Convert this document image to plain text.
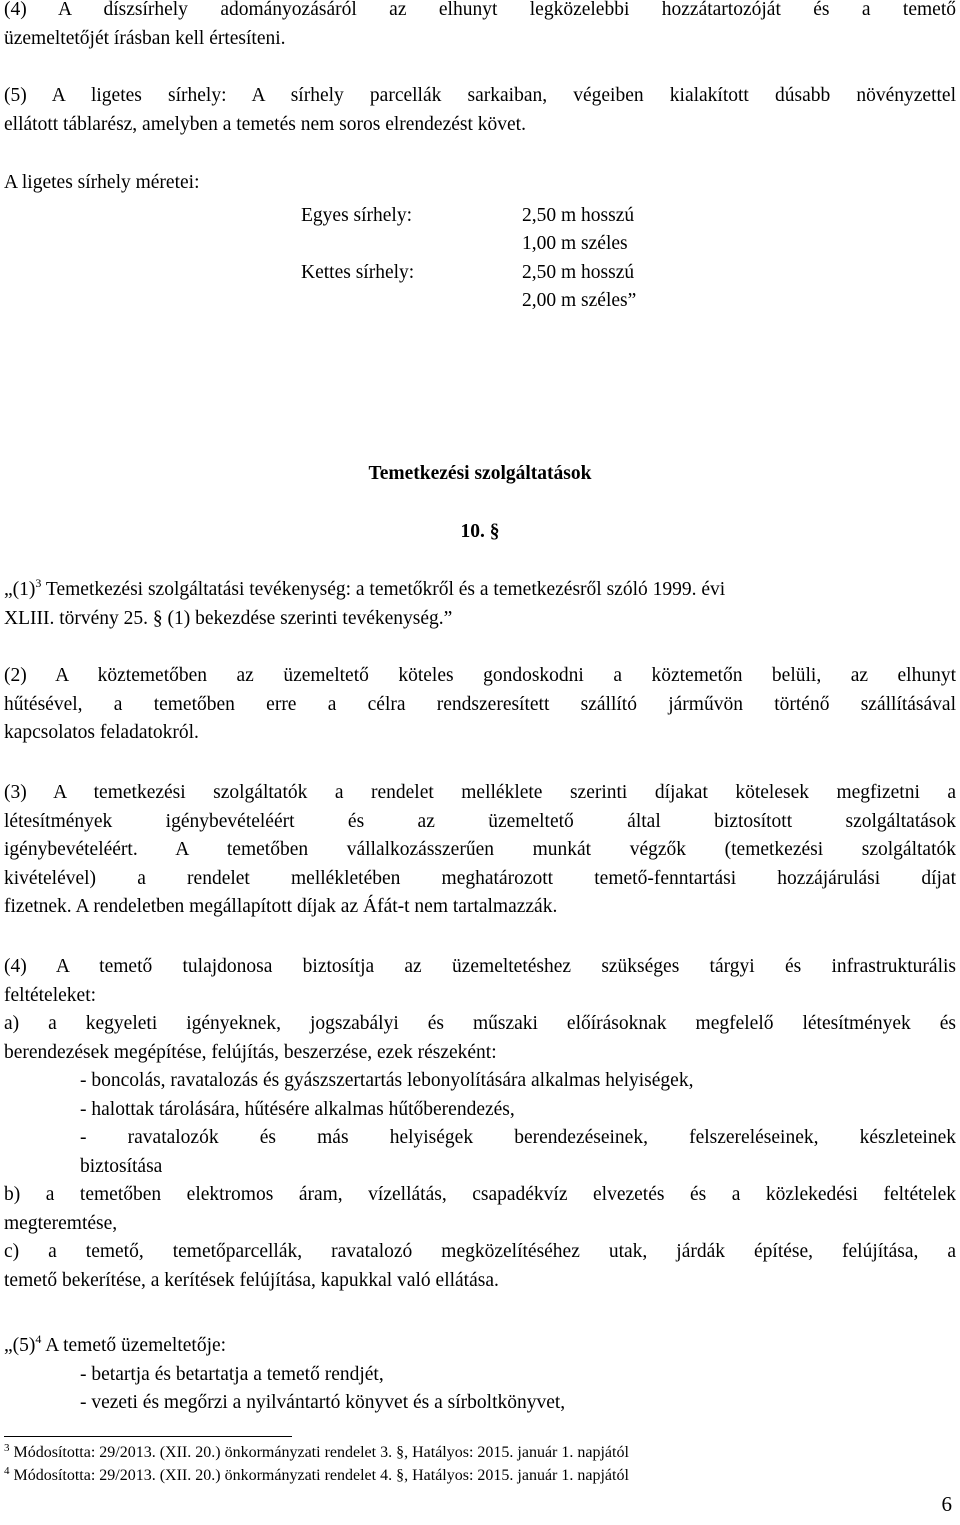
(4) A díszsírhely adományozásáról az elhunyt legközelebbi hozzátartozóját és a temető

üzemeltetőjét írásban kell értesíteni.

(5) A ligetes sírhely: A sírhely parcellák sarkaiban, végeiben kialakított dúsabb növényzettel

ellátott táblarész, amelyben a temetés nem soros elrendezést követ.

A ligetes sírhely méretei:

Egyes sírhely:	2,50 m hosszú
1,00 m széles
Kettes sírhely:	2,50 m hosszú
2,00 m széles”

Temetkezési szolgáltatások

10. §

$„(1)^3$ Temetkezési szolgáltatási tevékenység: a temetőkről és a temetkezésről szóló 1999. évi

XLIII. törvény 25. § (1) bekezdése szerinti tevékenység.”

(2) A köztemetőben az üzemeltető köteles gondoskodni a köztemetőn belüli, az elhunyt

hűtésével, a temetőben erre a célra rendszeresített szállító járművön történő szállításával

kapcsolatos feladatokról.

(3) A temetkezési szolgáltatók a rendelet melléklete szerinti díjakat kötelesek megfizetni a

létesítmények igénybevételéért és az üzemeltető által biztosított szolgáltatások

igénybevételéért. A temetőben vállalkozásszerűen munkát végzők (temetkezési szolgáltatók

kivételével) a rendelet mellékletében meghatározott temető-fenntartási hozzájárulási díjat

fizetnek. A rendeletben megállapított díjak az Áfát-t nem tartalmazzák.

(4) A temető tulajdonosa biztosítja az üzemeltetéshez szükséges tárgyi és infrastrukturális

feltételeket:

a) a kegyeleti igényeknek, jogszabályi és műszaki előírásoknak megfelelő létesítmények és

berendezések megépítése, felújítás, beszerzése, ezek részeként:

- boncolás, ravatalozás és gyászszertartás lebonyolítására alkalmas helyiségek,

- halottak tárolására, hűtésére alkalmas hűtőberendezés,

- ravatalozók és más helyiségek berendezéseinek, felszereléseinek, készleteinek

biztosítása

b) a temetőben elektromos áram, vízellátás, csapadékvíz elvezetés és a közlekedési feltételek

megteremtése,

c) a temető, temetőparcellák, ravatalozó megközelítéséhez utak, járdák építése, felújítása, a

temető bekerítése, a kerítések felújítása, kapukkal való ellátása.

$„(5)^4$ A temető üzemeltetője:

- betartja és betartatja a temető rendjét,

- vezeti és megőrzi a nyilvántartó könyvet és a sírboltkönyvet,

$^3$ Módosította: 29/2013. (XII. 20.) önkormányzati rendelet 3. §, Hatályos: 2015. január 1. napjától
$^4$ Módosította: 29/2013. (XII. 20.) önkormányzati rendelet 4. §, Hatályos: 2015. január 1. napjától
6
